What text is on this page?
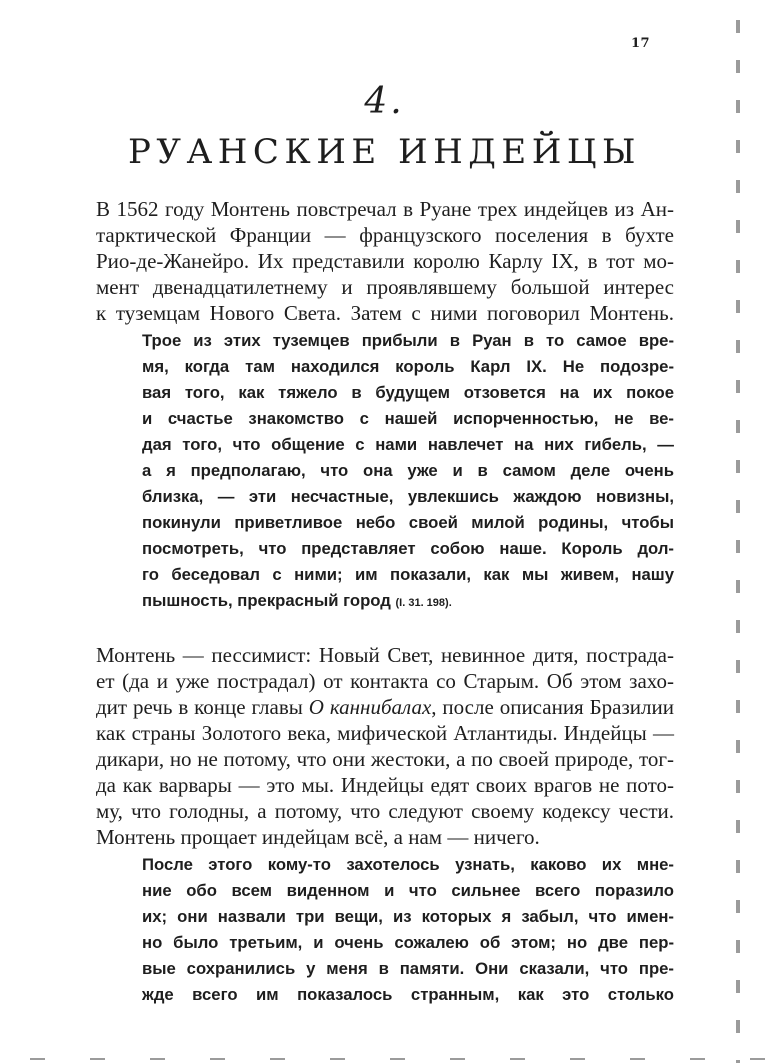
17
4.
РУАНСКИЕ ИНДЕЙЦЫ

В 1562 году Монтень повстречал в Руане трех индейцев из Ан-

тарктической Франции — французского поселения в бухте

Рио-де-Жанейро. Их представили королю Карлу IX, в тот мо-

мент двенадцатилетнему и проявлявшему большой интерес

к туземцам Нового Света. Затем с ними поговорил Монтень.

Трое из этих туземцев прибыли в Руан в то самое вре-

мя, когда там находился король Карл IX. Не подозре-

вая того, как тяжело в будущем отзовется на их покое

и счастье знакомство с нашей испорченностью, не ве-

дая того, что общение с нами навлечет на них гибель, —

а я предполагаю, что она уже и в самом деле очень

близка, — эти несчастные, увлекшись жаждою новизны,

покинули приветливое небо своей милой родины, чтобы

посмотреть, что представляет собою наше. Король дол-

го беседовал с ними; им показали, как мы живем, нашу

пышность, прекрасный город (I. 31. 198).

Монтень — пессимист: Новый Свет, невинное дитя, пострада-

ет (да и уже пострадал) от контакта со Старым. Об этом захо-

дит речь в конце главы О каннибалах, после описания Бразилии

как страны Золотого века, мифической Атлантиды. Индейцы —

дикари, но не потому, что они жестоки, а по своей природе, тог-

да как варвары — это мы. Индейцы едят своих врагов не пото-

му, что голодны, а потому, что следуют своему кодексу чести.

Монтень прощает индейцам всё, а нам — ничего.

После этого кому-то захотелось узнать, каково их мне-

ние обо всем виденном и что сильнее всего поразило

их; они назвали три вещи, из которых я забыл, что имен-

но было третьим, и очень сожалею об этом; но две пер-

вые сохранились у меня в памяти. Они сказали, что пре-

жде всего им показалось странным, как это столько
